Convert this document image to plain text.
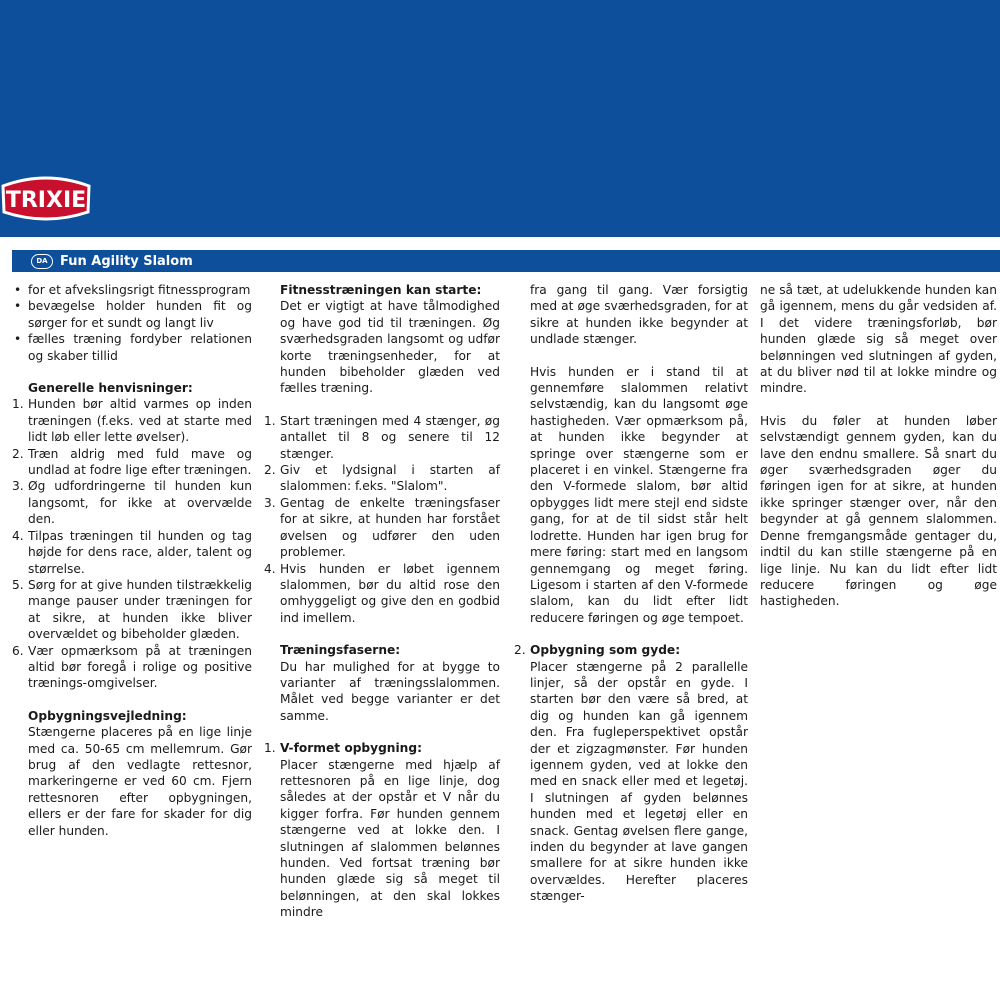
TRIXIE
DA Fun Agility Slalom
• for et afvekslingsrigt fitnessprogram
• bevægelse holder hunden fit og sørger for et sundt og langt liv
• fælles træning fordyber relationen og skaber tillid
Generelle henvisninger:
1. Hunden bør altid varmes op inden træningen (f.eks. ved at starte med lidt løb eller lette øvelser).
2. Træn aldrig med fuld mave og undlad at fodre lige efter træningen.
3. Øg udfordringerne til hunden kun langsomt, for ikke at overvælde den.
4. Tilpas træningen til hunden og tag højde for dens race, alder, talent og størrelse.
5. Sørg for at give hunden tilstrækkelig mange pauser under træningen for at sikre, at hunden ikke bliver overvældet og bibeholder glæden.
6. Vær opmærksom på at træningen altid bør foregå i rolige og positive trænings-omgivelser.
Opbygningsvejledning:

Stængerne placeres på en lige linje med ca. 50-65 cm mellemrum. Gør brug af den vedlagte rettesnor, markeringerne er ved 60 cm. Fjern rettesnoren efter opbygningen, ellers er der fare for skader for dig eller hunden.

Fitnesstræningen kan starte:

Det er vigtigt at have tålmodighed og have god tid til træningen. Øg sværhedsgraden langsomt og udfør korte træningsenheder, for at hunden bibeholder glæden ved fælles træning.

1. Start træningen med 4 stænger, øg antallet til 8 og senere til 12 stænger.
2. Giv et lydsignal i starten af slalommen: f.eks. "Slalom".
3. Gentag de enkelte træningsfaser for at sikre, at hunden har forstået øvelsen og udfører den uden problemer.
4. Hvis hunden er løbet igennem slalommen, bør du altid rose den omhyggeligt og give den en godbid ind imellem.
Træningsfaserne:

Du har mulighed for at bygge to varianter af træningsslalommen. Målet ved begge varianter er det samme.

1. V-formet opbygning:

Placer stængerne med hjælp af rettesnoren på en lige linje, dog således at der opstår et V når du kigger forfra. Før hunden gennem stængerne ved at lokke den. I slutningen af slalommen belønnes hunden. Ved fortsat træning bør hunden glæde sig så meget til belønningen, at den skal lokkes mindre

fra gang til gang. Vær forsigtig med at øge sværhedsgraden, for at sikre at hunden ikke begynder at undlade stænger.

Hvis hunden er i stand til at gennemføre slalommen relativt selvstændig, kan du langsomt øge hastigheden. Vær opmærksom på, at hunden ikke begynder at springe over stængerne som er placeret i en vinkel. Stængerne fra den V-formede slalom, bør altid opbygges lidt mere stejl end sidste gang, for at de til sidst står helt lodrette. Hunden har igen brug for mere føring: start med en langsom gennemgang og meget føring. Ligesom i starten af den V-formede slalom, kan du lidt efter lidt reducere føringen og øge tempoet.

2. Opbygning som gyde:

Placer stængerne på 2 parallelle linjer, så der opstår en gyde. I starten bør den være så bred, at dig og hunden kan gå igennem den. Fra fugleperspektivet opstår der et zigzagmønster. Før hunden igennem gyden, ved at lokke den med en snack eller med et legetøj. I slutningen af gyden belønnes hunden med et legetøj eller en snack. Gentag øvelsen flere gange, inden du begynder at lave gangen smallere for at sikre hunden ikke overvældes. Herefter placeres stænger-

ne så tæt, at udelukkende hunden kan gå igennem, mens du går vedsiden af. I det videre træningsforløb, bør hunden glæde sig så meget over belønningen ved slutningen af gyden, at du bliver nød til at lokke mindre og mindre.

Hvis du føler at hunden løber selvstændigt gennem gyden, kan du lave den endnu smallere. Så snart du øger sværhedsgraden øger du føringen igen for at sikre, at hunden ikke springer stænger over, når den begynder at gå gennem slalommen. Denne fremgangsmåde gentager du, indtil du kan stille stængerne på en lige linje. Nu kan du lidt efter lidt reducere føringen og øge hastigheden.
